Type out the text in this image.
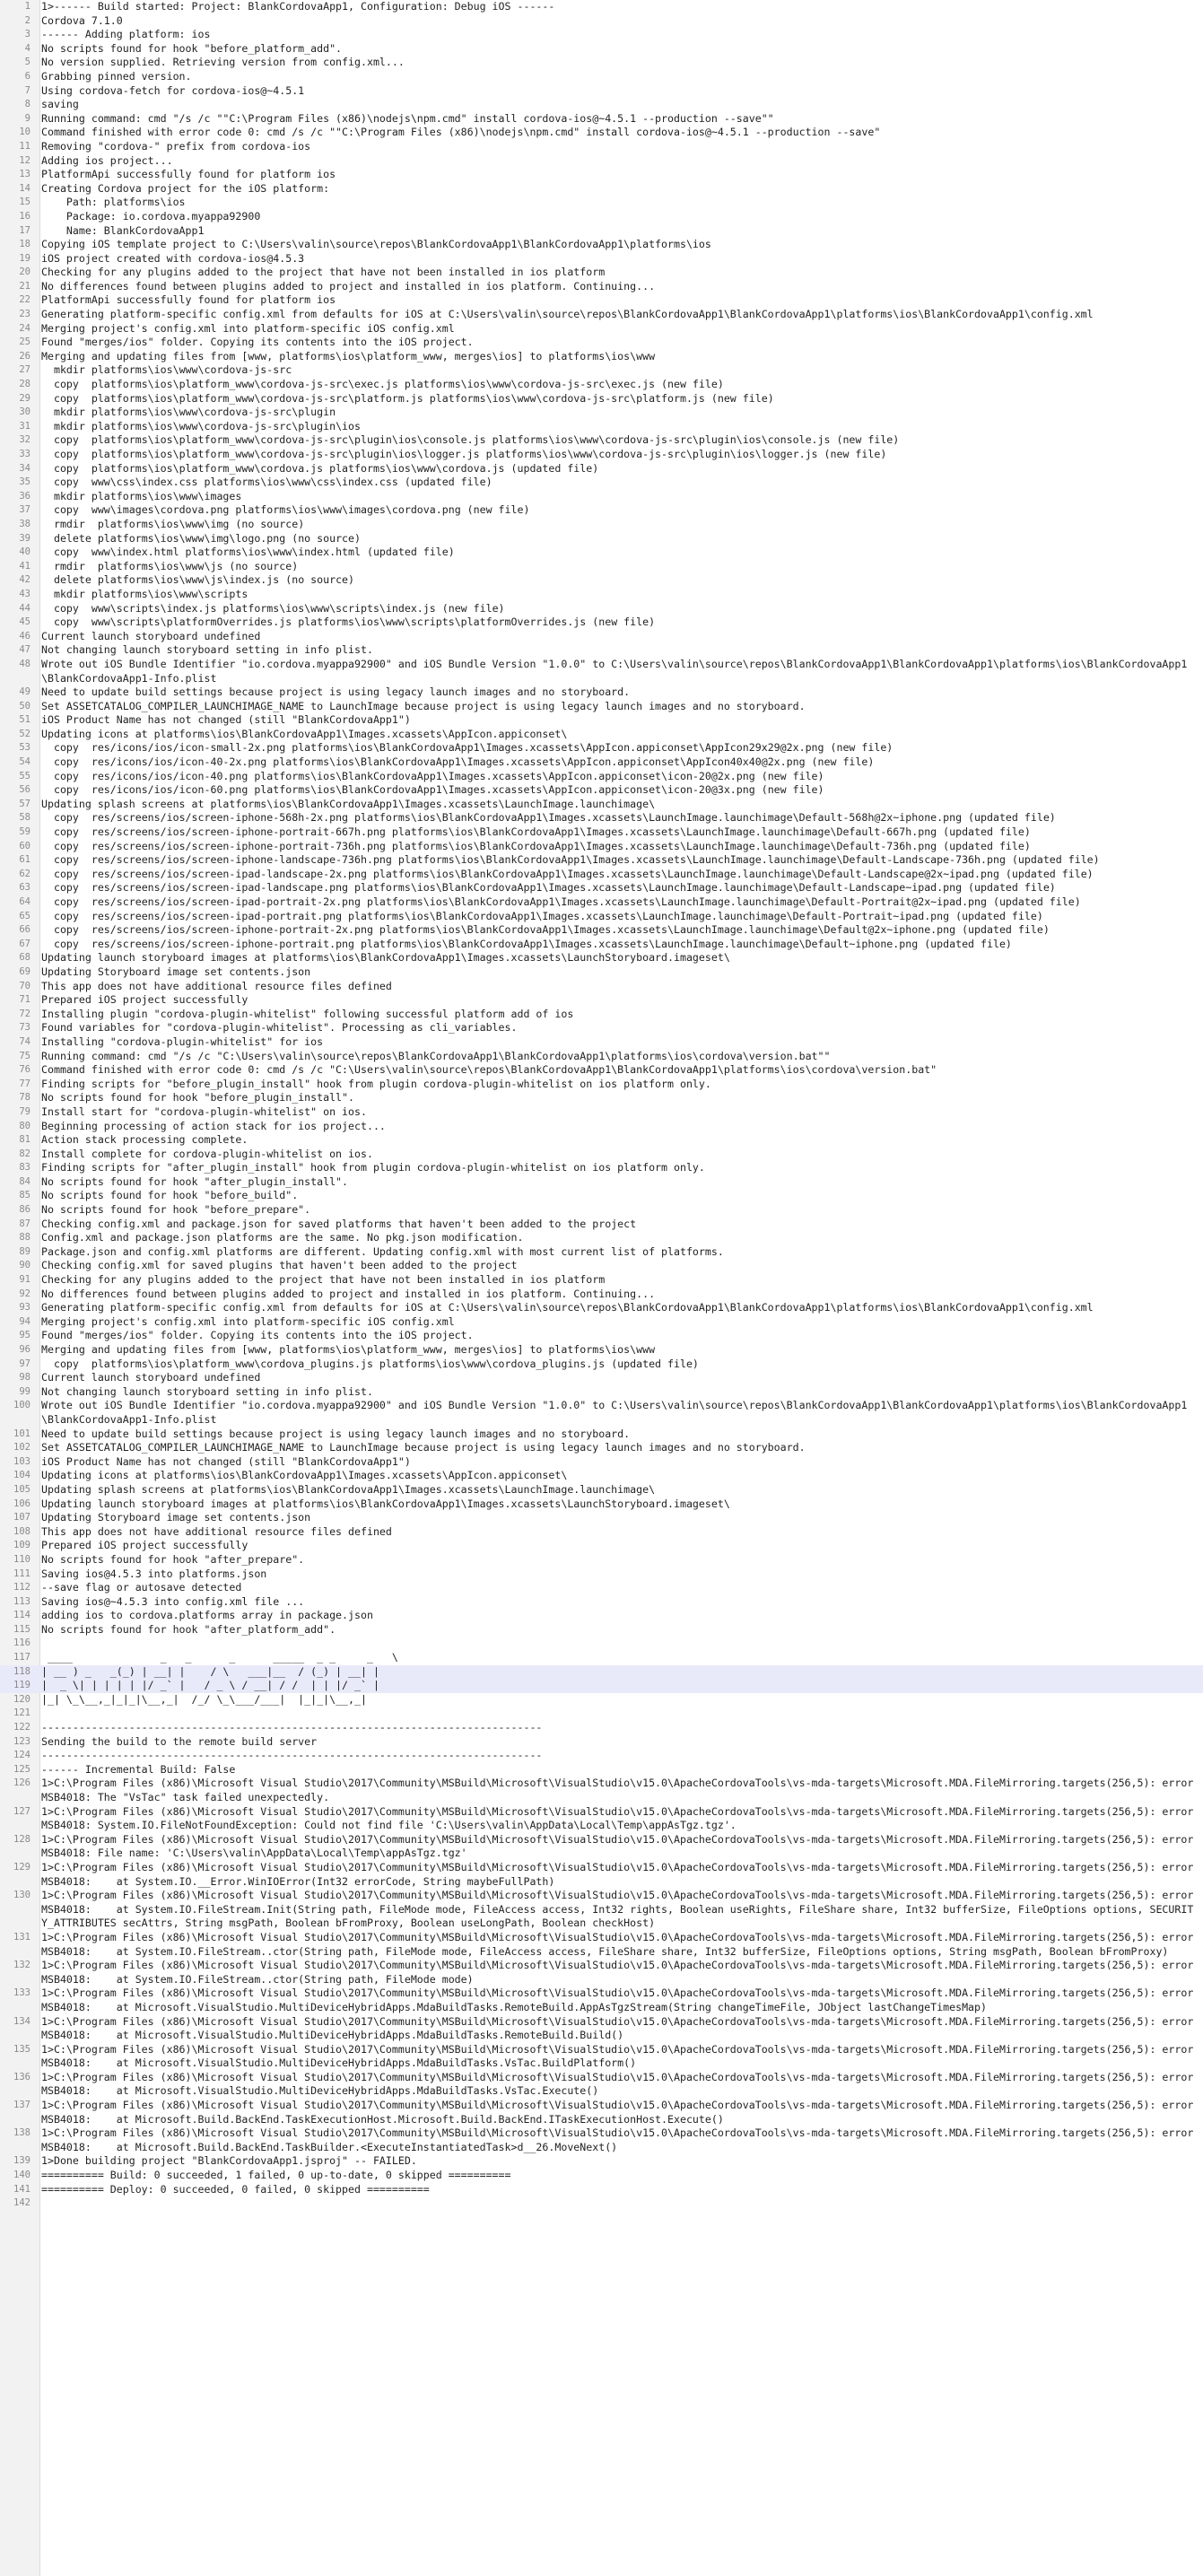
1	1>------ Build started: Project: BlankCordovaApp1, Configuration: Debug iOS ------
2	Cordova 7.1.0
3	------ Adding platform: ios
4	No scripts found for hook "before_platform_add".
5	No version supplied. Retrieving version from config.xml...
6	Grabbing pinned version.
7	Using cordova-fetch for cordova-ios@~4.5.1
8	saving
9	Running command: cmd "/s /c ""C:\Program Files (x86)\nodejs\npm.cmd" install cordova-ios@~4.5.1 --production --save""
10	Command finished with error code 0: cmd /s /c ""C:\Program Files (x86)\nodejs\npm.cmd" install cordova-ios@~4.5.1 --production --save"
11	Removing "cordova-" prefix from cordova-ios
12	Adding ios project...
13	PlatformApi successfully found for platform ios
14	Creating Cordova project for the iOS platform:
15	Path: platforms\ios
16	Package: io.cordova.myappa92900
17	Name: BlankCordovaApp1
18	Copying iOS template project to C:\Users\valin\source\repos\BlankCordovaApp1\BlankCordovaApp1\platforms\ios
19	iOS project created with cordova-ios@4.5.3
20	Checking for any plugins added to the project that have not been installed in ios platform
21	No differences found between plugins added to project and installed in ios platform. Continuing...
22	PlatformApi successfully found for platform ios
23	Generating platform-specific config.xml from defaults for iOS at C:\Users\valin\source\repos\BlankCordovaApp1\BlankCordovaApp1\platforms\ios\BlankCordovaApp1\config.xml
24	Merging project's config.xml into platform-specific iOS config.xml
25	Found "merges/ios" folder. Copying its contents into the iOS project.
26	Merging and updating files from [www, platforms\ios\platform_www, merges\ios] to platforms\ios\www
27	mkdir platforms\ios\www\cordova-js-src
28	copy  platforms\ios\platform_www\cordova-js-src\exec.js platforms\ios\www\cordova-js-src\exec.js (new file)
29	copy  platforms\ios\platform_www\cordova-js-src\platform.js platforms\ios\www\cordova-js-src\platform.js (new file)
30	mkdir platforms\ios\www\cordova-js-src\plugin
31	mkdir platforms\ios\www\cordova-js-src\plugin\ios
32	copy  platforms\ios\platform_www\cordova-js-src\plugin\ios\console.js platforms\ios\www\cordova-js-src\plugin\ios\console.js (new file)
33	copy  platforms\ios\platform_www\cordova-js-src\plugin\ios\logger.js platforms\ios\www\cordova-js-src\plugin\ios\logger.js (new file)
34	copy  platforms\ios\platform_www\cordova.js platforms\ios\www\cordova.js (updated file)
35	copy  www\css\index.css platforms\ios\www\css\index.css (updated file)
36	mkdir platforms\ios\www\images
37	copy  www\images\cordova.png platforms\ios\www\images\cordova.png (new file)
38	rmdir  platforms\ios\www\img (no source)
39	delete platforms\ios\www\img\logo.png (no source)
40	copy  www\index.html platforms\ios\www\index.html (updated file)
41	rmdir  platforms\ios\www\js (no source)
42	delete platforms\ios\www\js\index.js (no source)
43	mkdir platforms\ios\www\scripts
44	copy  www\scripts\index.js platforms\ios\www\scripts\index.js (new file)
45	copy  www\scripts\platformOverrides.js platforms\ios\www\scripts\platformOverrides.js (new file)
46	Current launch storyboard undefined
47	Not changing launch storyboard setting in info plist.
48	Wrote out iOS Bundle Identifier "io.cordova.myappa92900" and iOS Bundle Version "1.0.0" to C:\Users\valin\source\repos\BlankCordovaApp1\BlankCordovaApp1\platforms\ios\BlankCordovaApp1\BlankCordovaApp1-Info.plist
49	Need to update build settings because project is using legacy launch images and no storyboard.
50	Set ASSETCATALOG_COMPILER_LAUNCHIMAGE_NAME to LaunchImage because project is using legacy launch images and no storyboard.
51	iOS Product Name has not changed (still "BlankCordovaApp1")
52	Updating icons at platforms\ios\BlankCordovaApp1\Images.xcassets\AppIcon.appiconset\
53	copy  res/icons/ios/icon-small-2x.png platforms\ios\BlankCordovaApp1\Images.xcassets\AppIcon.appiconset\AppIcon29x29@2x.png (new file)
54	copy  res/icons/ios/icon-40-2x.png platforms\ios\BlankCordovaApp1\Images.xcassets\AppIcon.appiconset\AppIcon40x40@2x.png (new file)
55	copy  res/icons/ios/icon-40.png platforms\ios\BlankCordovaApp1\Images.xcassets\AppIcon.appiconset\icon-20@2x.png (new file)
56	copy  res/icons/ios/icon-60.png platforms\ios\BlankCordovaApp1\Images.xcassets\AppIcon.appiconset\icon-20@3x.png (new file)
57	Updating splash screens at platforms\ios\BlankCordovaApp1\Images.xcassets\LaunchImage.launchimage\
58	copy  res/screens/ios/screen-iphone-568h-2x.png platforms\ios\BlankCordovaApp1\Images.xcassets\LaunchImage.launchimage\Default-568h@2x~iphone.png (updated file)
59	copy  res/screens/ios/screen-iphone-portrait-667h.png platforms\ios\BlankCordovaApp1\Images.xcassets\LaunchImage.launchimage\Default-667h.png (updated file)
60	copy  res/screens/ios/screen-iphone-portrait-736h.png platforms\ios\BlankCordovaApp1\Images.xcassets\LaunchImage.launchimage\Default-736h.png (updated file)
61	copy  res/screens/ios/screen-iphone-landscape-736h.png platforms\ios\BlankCordovaApp1\Images.xcassets\LaunchImage.launchimage\Default-Landscape-736h.png (updated file)
62	copy  res/screens/ios/screen-ipad-landscape-2x.png platforms\ios\BlankCordovaApp1\Images.xcassets\LaunchImage.launchimage\Default-Landscape@2x~ipad.png (updated file)
63	copy  res/screens/ios/screen-ipad-landscape.png platforms\ios\BlankCordovaApp1\Images.xcassets\LaunchImage.launchimage\Default-Landscape~ipad.png (updated file)
64	copy  res/screens/ios/screen-ipad-portrait-2x.png platforms\ios\BlankCordovaApp1\Images.xcassets\LaunchImage.launchimage\Default-Portrait@2x~ipad.png (updated file)
65	copy  res/screens/ios/screen-ipad-portrait.png platforms\ios\BlankCordovaApp1\Images.xcassets\LaunchImage.launchimage\Default-Portrait~ipad.png (updated file)
66	copy  res/screens/ios/screen-iphone-portrait-2x.png platforms\ios\BlankCordovaApp1\Images.xcassets\LaunchImage.launchimage\Default@2x~iphone.png (updated file)
67	copy  res/screens/ios/screen-iphone-portrait.png platforms\ios\BlankCordovaApp1\Images.xcassets\LaunchImage.launchimage\Default~iphone.png (updated file)
68	Updating launch storyboard images at platforms\ios\BlankCordovaApp1\Images.xcassets\LaunchStoryboard.imageset\
69	Updating Storyboard image set contents.json
70	This app does not have additional resource files defined
71	Prepared iOS project successfully
72	Installing plugin "cordova-plugin-whitelist" following successful platform add of ios
73	Found variables for "cordova-plugin-whitelist". Processing as cli_variables.
74	Installing "cordova-plugin-whitelist" for ios
75	Running command: cmd "/s /c "C:\Users\valin\source\repos\BlankCordovaApp1\BlankCordovaApp1\platforms\ios\cordova\version.bat""
76	Command finished with error code 0: cmd /s /c "C:\Users\valin\source\repos\BlankCordovaApp1\BlankCordovaApp1\platforms\ios\cordova\version.bat"
77	Finding scripts for "before_plugin_install" hook from plugin cordova-plugin-whitelist on ios platform only.
78	No scripts found for hook "before_plugin_install".
79	Install start for "cordova-plugin-whitelist" on ios.
80	Beginning processing of action stack for ios project...
81	Action stack processing complete.
82	Install complete for cordova-plugin-whitelist on ios.
83	Finding scripts for "after_plugin_install" hook from plugin cordova-plugin-whitelist on ios platform only.
84	No scripts found for hook "after_plugin_install".
85	No scripts found for hook "before_build".
86	No scripts found for hook "before_prepare".
87	Checking config.xml and package.json for saved platforms that haven't been added to the project
88	Config.xml and package.json platforms are the same. No pkg.json modification.
89	Package.json and config.xml platforms are different. Updating config.xml with most current list of platforms.
90	Checking config.xml for saved plugins that haven't been added to the project
91	Checking for any plugins added to the project that have not been installed in ios platform
92	No differences found between plugins added to project and installed in ios platform. Continuing...
93	Generating platform-specific config.xml from defaults for iOS at C:\Users\valin\source\repos\BlankCordovaApp1\BlankCordovaApp1\platforms\ios\BlankCordovaApp1\config.xml
94	Merging project's config.xml into platform-specific iOS config.xml
95	Found "merges/ios" folder. Copying its contents into the iOS project.
96	Merging and updating files from [www, platforms\ios\platform_www, merges\ios] to platforms\ios\www
97	copy  platforms\ios\platform_www\cordova_plugins.js platforms\ios\www\cordova_plugins.js (updated file)
98	Current launch storyboard undefined
99	Not changing launch storyboard setting in info plist.
100	Wrote out iOS Bundle Identifier "io.cordova.myappa92900" and iOS Bundle Version "1.0.0" to C:\Users\valin\source\repos\BlankCordovaApp1\BlankCordovaApp1\platforms\ios\BlankCordovaApp1\BlankCordovaApp1-Info.plist
101	Need to update build settings because project is using legacy launch images and no storyboard.
102	Set ASSETCATALOG_COMPILER_LAUNCHIMAGE_NAME to LaunchImage because project is using legacy launch images and no storyboard.
103	iOS Product Name has not changed (still "BlankCordovaApp1")
104	Updating icons at platforms\ios\BlankCordovaApp1\Images.xcassets\AppIcon.appiconset\
105	Updating splash screens at platforms\ios\BlankCordovaApp1\Images.xcassets\LaunchImage.launchimage\
106	Updating launch storyboard images at platforms\ios\BlankCordovaApp1\Images.xcassets\LaunchStoryboard.imageset\
107	Updating Storyboard image set contents.json
108	This app does not have additional resource files defined
109	Prepared iOS project successfully
110	No scripts found for hook "after_prepare".
111	Saving ios@4.5.3 into platforms.json
112	--save flag or autosave detected
113	Saving ios@~4.5.3 into config.xml file ...
114	adding ios to cordova.platforms array in package.json
115	No scripts found for hook "after_platform_add".
116
117	____              _   _      _      _____  _ _     _   \
118	| __ ) _   _(_) | __| |    / \   ___|__  / (_) | __| |
119	|  _ \| | | | | |/ _` |   / _ \ / __| / /  | | |/ _` |
120	|_| \_\__,_|_|_|\__,_|  /_/ \_\___/___|  |_|_|\__,_|
121
122	--------------------------------------------------------------------------------
123	Sending the build to the remote build server
124	--------------------------------------------------------------------------------
125	------ Incremental Build: False
126	1>C:\Program Files (x86)\Microsoft Visual Studio\2017\Community\MSBuild\Microsoft\VisualStudio\v15.0\ApacheCordovaTools\vs-mda-targets\Microsoft.MDA.FileMirroring.targets(256,5): error MSB4018: The "VsTac" task failed unexpectedly.
127	1>C:\Program Files (x86)\Microsoft Visual Studio\2017\Community\MSBuild\Microsoft\VisualStudio\v15.0\ApacheCordovaTools\vs-mda-targets\Microsoft.MDA.FileMirroring.targets(256,5): error MSB4018: System.IO.FileNotFoundException: Could not find file 'C:\Users\valin\AppData\Local\Temp\appAsTgz.tgz'.
128	1>C:\Program Files (x86)\Microsoft Visual Studio\2017\Community\MSBuild\Microsoft\VisualStudio\v15.0\ApacheCordovaTools\vs-mda-targets\Microsoft.MDA.FileMirroring.targets(256,5): error MSB4018: File name: 'C:\Users\valin\AppData\Local\Temp\appAsTgz.tgz'
129	1>C:\Program Files (x86)\Microsoft Visual Studio\2017\Community\MSBuild\Microsoft\VisualStudio\v15.0\ApacheCordovaTools\vs-mda-targets\Microsoft.MDA.FileMirroring.targets(256,5): error MSB4018:    at System.IO.__Error.WinIOError(Int32 errorCode, String maybeFullPath)
130	1>C:\Program Files (x86)\Microsoft Visual Studio\2017\Community\MSBuild\Microsoft\VisualStudio\v15.0\ApacheCordovaTools\vs-mda-targets\Microsoft.MDA.FileMirroring.targets(256,5): error MSB4018:    at System.IO.FileStream.Init(String path, FileMode mode, FileAccess access, Int32 rights, Boolean useRights, FileShare share, Int32 bufferSize, FileOptions options, SECURITY_ATTRIBUTES secAttrs, String msgPath, Boolean bFromProxy, Boolean useLongPath, Boolean checkHost)
131	1>C:\Program Files (x86)\Microsoft Visual Studio\2017\Community\MSBuild\Microsoft\VisualStudio\v15.0\ApacheCordovaTools\vs-mda-targets\Microsoft.MDA.FileMirroring.targets(256,5): error MSB4018:    at System.IO.FileStream..ctor(String path, FileMode mode, FileAccess access, FileShare share, Int32 bufferSize, FileOptions options, String msgPath, Boolean bFromProxy)
132	1>C:\Program Files (x86)\Microsoft Visual Studio\2017\Community\MSBuild\Microsoft\VisualStudio\v15.0\ApacheCordovaTools\vs-mda-targets\Microsoft.MDA.FileMirroring.targets(256,5): error MSB4018:    at System.IO.FileStream..ctor(String path, FileMode mode)
133	1>C:\Program Files (x86)\Microsoft Visual Studio\2017\Community\MSBuild\Microsoft\VisualStudio\v15.0\ApacheCordovaTools\vs-mda-targets\Microsoft.MDA.FileMirroring.targets(256,5): error MSB4018:    at Microsoft.VisualStudio.MultiDeviceHybridApps.MdaBuildTasks.RemoteBuild.AppAsTgzStream(String changeTimeFile, JObject lastChangeTimesMap)
134	1>C:\Program Files (x86)\Microsoft Visual Studio\2017\Community\MSBuild\Microsoft\VisualStudio\v15.0\ApacheCordovaTools\vs-mda-targets\Microsoft.MDA.FileMirroring.targets(256,5): error MSB4018:    at Microsoft.VisualStudio.MultiDeviceHybridApps.MdaBuildTasks.RemoteBuild.Build()
135	1>C:\Program Files (x86)\Microsoft Visual Studio\2017\Community\MSBuild\Microsoft\VisualStudio\v15.0\ApacheCordovaTools\vs-mda-targets\Microsoft.MDA.FileMirroring.targets(256,5): error MSB4018:    at Microsoft.VisualStudio.MultiDeviceHybridApps.MdaBuildTasks.VsTac.BuildPlatform()
136	1>C:\Program Files (x86)\Microsoft Visual Studio\2017\Community\MSBuild\Microsoft\VisualStudio\v15.0\ApacheCordovaTools\vs-mda-targets\Microsoft.MDA.FileMirroring.targets(256,5): error MSB4018:    at Microsoft.VisualStudio.MultiDeviceHybridApps.MdaBuildTasks.VsTac.Execute()
137	1>C:\Program Files (x86)\Microsoft Visual Studio\2017\Community\MSBuild\Microsoft\VisualStudio\v15.0\ApacheCordovaTools\vs-mda-targets\Microsoft.MDA.FileMirroring.targets(256,5): error MSB4018:    at Microsoft.Build.BackEnd.TaskExecutionHost.Microsoft.Build.BackEnd.ITaskExecutionHost.Execute()
138	1>C:\Program Files (x86)\Microsoft Visual Studio\2017\Community\MSBuild\Microsoft\VisualStudio\v15.0\ApacheCordovaTools\vs-mda-targets\Microsoft.MDA.FileMirroring.targets(256,5): error MSB4018:    at Microsoft.Build.BackEnd.TaskBuilder.<ExecuteInstantiatedTask>d__26.MoveNext()
139	1>Done building project "BlankCordovaApp1.jsproj" -- FAILED.
140	========== Build: 0 succeeded, 1 failed, 0 up-to-date, 0 skipped ==========
141	========== Deploy: 0 succeeded, 0 failed, 0 skipped ==========
142
